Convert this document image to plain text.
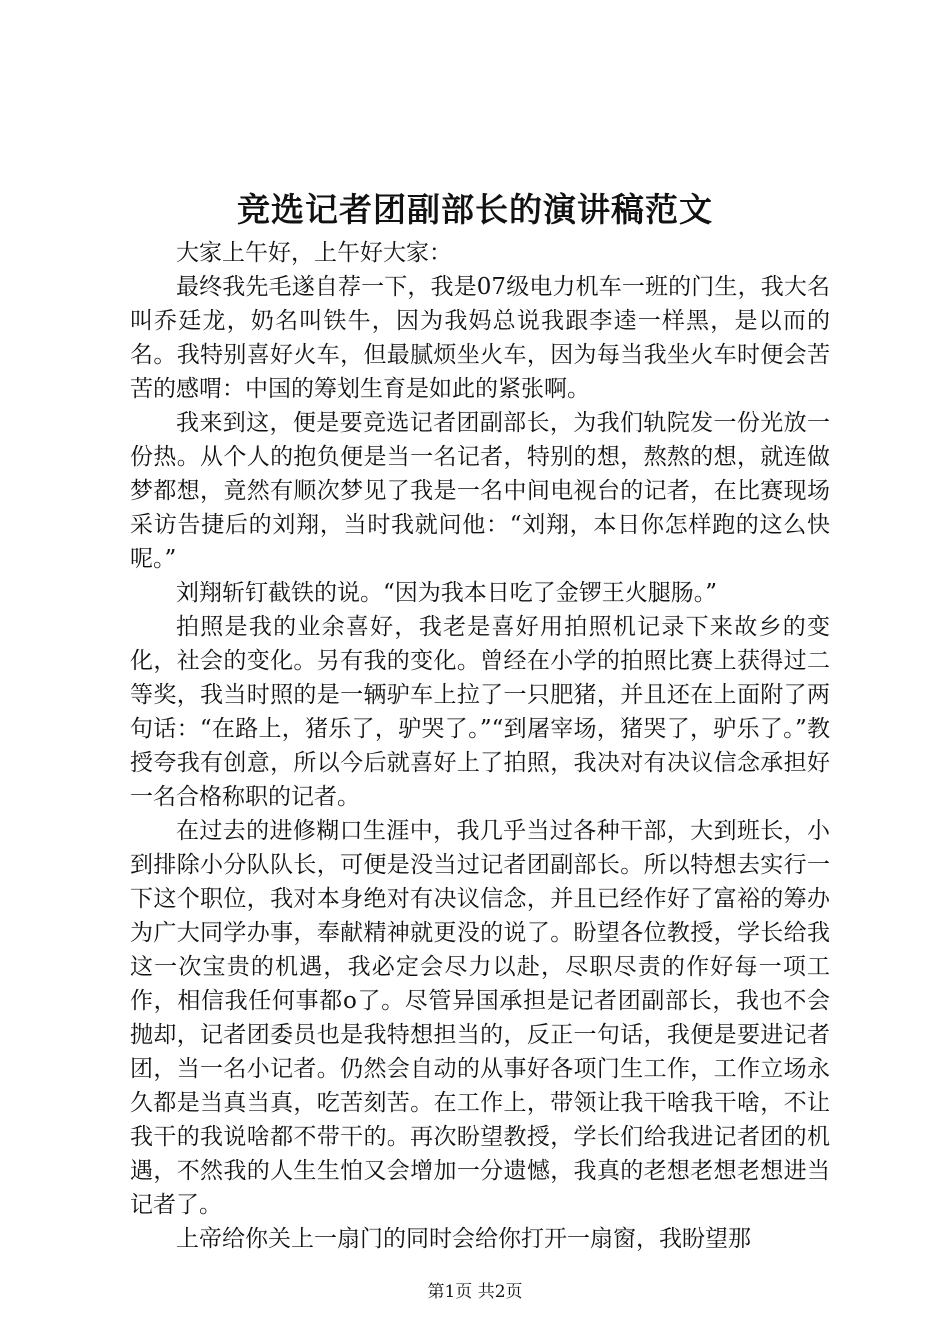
竞选记者团副部长的演讲稿范文

大家上午好，上午好大家：

最终我先毛遂自荐一下，我是07级电力机车一班的门生，我大名叫乔廷龙，奶名叫铁牛，因为我妈总说我跟李逵一样黑，是以而的名。我特别喜好火车，但最腻烦坐火车，因为每当我坐火车时便会苦苦的感喟：中国的筹划生育是如此的紧张啊。

我来到这，便是要竞选记者团副部长，为我们轨院发一份光放一份热。从个人的抱负便是当一名记者，特别的想，熬熬的想，就连做梦都想，竟然有顺次梦见了我是一名中间电视台的记者，在比赛现场采访告捷后的刘翔，当时我就问他：“刘翔，本日你怎样跑的这么快呢。”

刘翔斩钉截铁的说。“因为我本日吃了金锣王火腿肠。”

拍照是我的业余喜好，我老是喜好用拍照机记录下来故乡的变化，社会的变化。另有我的变化。曾经在小学的拍照比赛上获得过二等奖，我当时照的是一辆驴车上拉了一只肥猪，并且还在上面附了两句话：“在路上，猪乐了，驴哭了。”“到屠宰场，猪哭了，驴乐了。”教授夸我有创意，所以今后就喜好上了拍照，我决对有决议信念承担好一名合格称职的记者。

在过去的进修糊口生涯中，我几乎当过各种干部，大到班长，小到排除小分队队长，可便是没当过记者团副部长。所以特想去实行一下这个职位，我对本身绝对有决议信念，并且已经作好了富裕的筹办为广大同学办事，奉献精神就更没的说了。盼望各位教授，学长给我这一次宝贵的机遇，我必定会尽力以赴，尽职尽责的作好每一项工作，相信我任何事都o了。尽管异国承担是记者团副部长，我也不会抛却，记者团委员也是我特想担当的，反正一句话，我便是要进记者团，当一名小记者。仍然会自动的从事好各项门生工作，工作立场永久都是当真当真，吃苦刻苦。在工作上，带领让我干啥我干啥，不让我干的我说啥都不带干的。再次盼望教授，学长们给我进记者团的机遇，不然我的人生生怕又会增加一分遗憾，我真的老想老想老想进当记者了。

上帝给你关上一扇门的同时会给你打开一扇窗，我盼望那

第1页 共2页
